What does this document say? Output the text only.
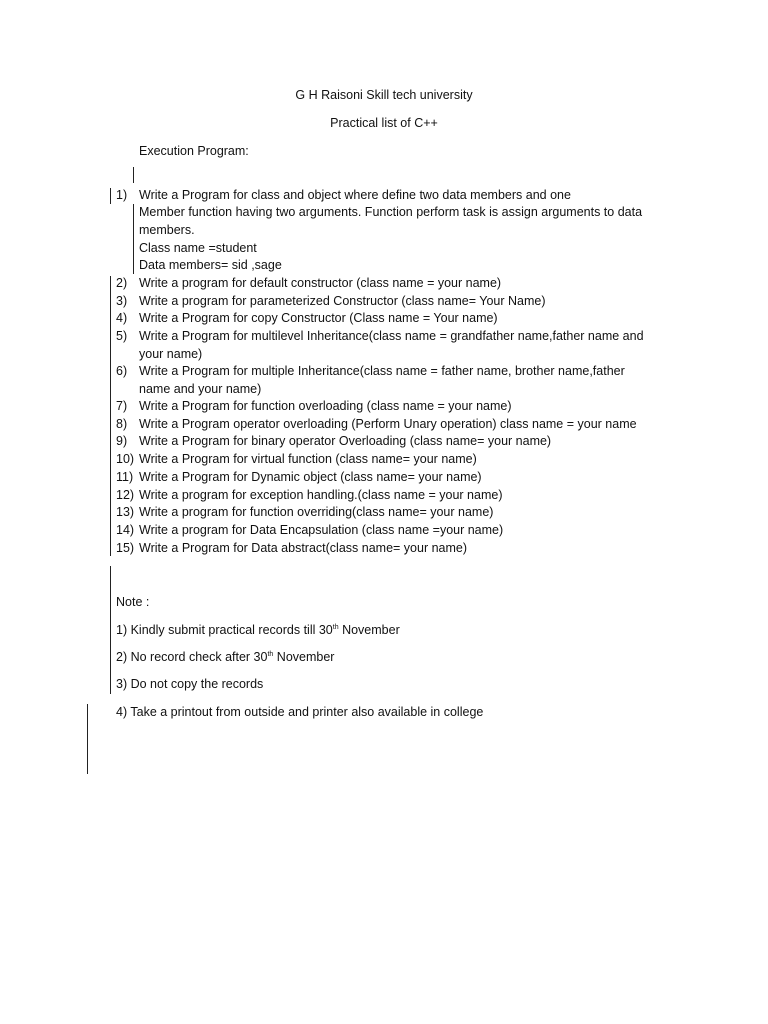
G H Raisoni Skill tech university
Practical list of C++
Execution Program:
1) Write a Program for class and object where define two data members and one
Member function having two arguments. Function perform task is assign arguments to data
members.
Class name =student
Data members= sid ,sage
2) Write a program for default constructor (class name = your name)
3) Write a program for parameterized Constructor (class name= Your Name)
4) Write a Program for copy Constructor (Class name = Your name)
5) Write a Program for multilevel Inheritance(class name = grandfather name,father name and
your name)
6) Write a Program for multiple Inheritance(class name = father name, brother name,father
name and your name)
7) Write a Program for function overloading (class name = your name)
8) Write a Program operator overloading (Perform Unary operation) class name = your name
9) Write a Program for binary operator Overloading (class name= your name)
10) Write a Program for virtual function (class name= your name)
11) Write a Program for Dynamic object (class name= your name)
12) Write a program for exception handling.(class name = your name)
13) Write a program for function overriding(class name= your name)
14) Write a program for Data Encapsulation (class name =your name)
15) Write a Program for Data abstract(class name= your name)
Note :
1) Kindly submit practical records till 30th November
2) No record check after 30th November
3) Do not copy the records
4) Take a printout from outside and printer also available in college
